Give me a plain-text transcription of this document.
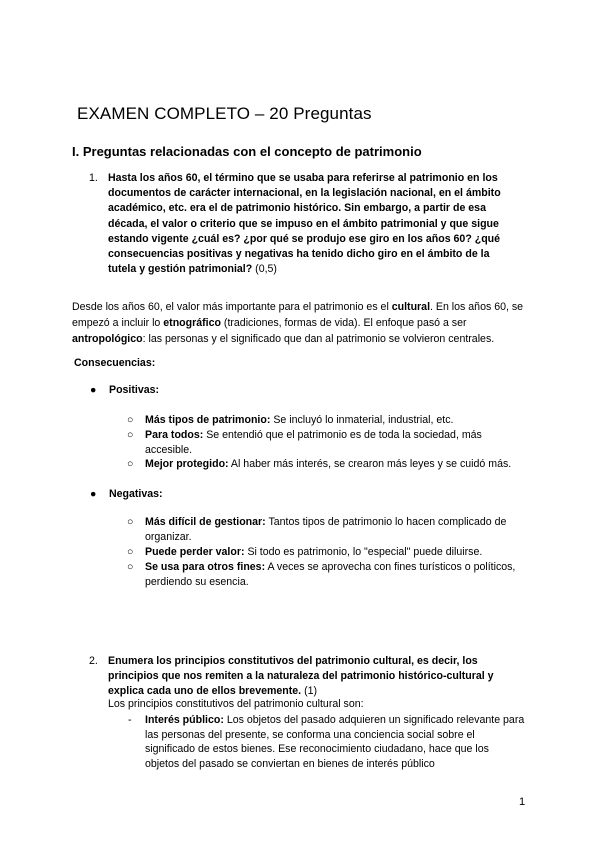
EXAMEN COMPLETO – 20 Preguntas
I. Preguntas relacionadas con el concepto de patrimonio
1. Hasta los años 60, el término que se usaba para referirse al patrimonio en los documentos de carácter internacional, en la legislación nacional, en el ámbito académico, etc. era el de patrimonio histórico. Sin embargo, a partir de esa década, el valor o criterio que se impuso en el ámbito patrimonial y que sigue estando vigente ¿cuál es? ¿por qué se produjo ese giro en los años 60? ¿qué consecuencias positivas y negativas ha tenido dicho giro en el ámbito de la tutela y gestión patrimonial? (0,5)
Desde los años 60, el valor más importante para el patrimonio es el cultural. En los años 60, se empezó a incluir lo etnográfico (tradiciones, formas de vida). El enfoque pasó a ser antropológico: las personas y el significado que dan al patrimonio se volvieron centrales.
Consecuencias:
● Positivas:
○ Más tipos de patrimonio: Se incluyó lo inmaterial, industrial, etc.
○ Para todos: Se entendió que el patrimonio es de toda la sociedad, más accesible.
○ Mejor protegido: Al haber más interés, se crearon más leyes y se cuidó más.
● Negativas:
○ Más difícil de gestionar: Tantos tipos de patrimonio lo hacen complicado de organizar.
○ Puede perder valor: Si todo es patrimonio, lo "especial" puede diluirse.
○ Se usa para otros fines: A veces se aprovecha con fines turísticos o políticos, perdiendo su esencia.
2. Enumera los principios constitutivos del patrimonio cultural, es decir, los principios que nos remiten a la naturaleza del patrimonio histórico-cultural y explica cada uno de ellos brevemente. (1)
Los principios constitutivos del patrimonio cultural son:
- Interés público: Los objetos del pasado adquieren un significado relevante para las personas del presente, se conforma una conciencia social sobre el significado de estos bienes. Ese reconocimiento ciudadano, hace que los objetos del pasado se conviertan en bienes de interés público
1
